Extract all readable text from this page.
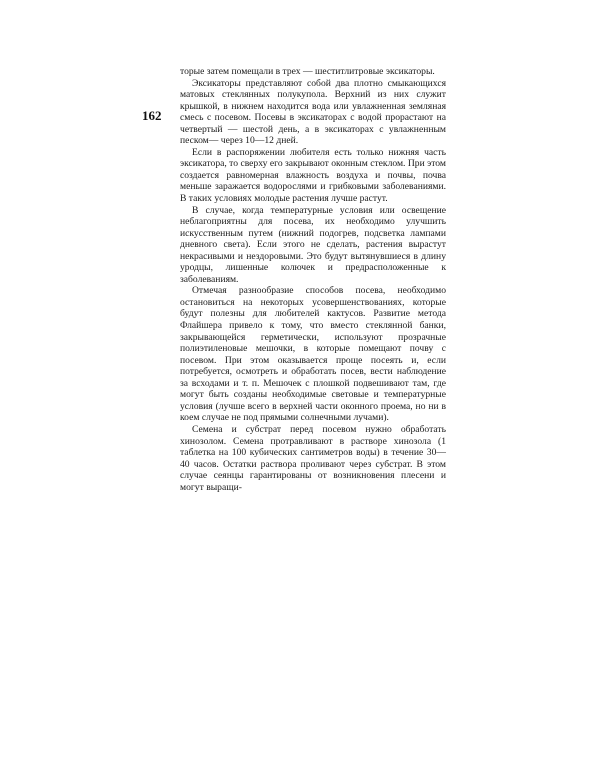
162

торые затем помещали в трех — шеститлитровые эксикаторы.

Эксикаторы представляют собой два плотно смыкающихся матовых стеклянных полукупола. Верхний из них служит крышкой, в нижнем находится вода или увлажненная земляная смесь с посевом. Посевы в эксикаторах с водой прорастают на четвертый — шестой день, а в эксикаторах с увлажненным песком— через 10—12 дней.

Если в распоряжении любителя есть только нижняя часть эксикатора, то сверху его закрывают оконным стеклом. При этом создается равномерная влажность воздуха и почвы, почва меньше заражается водорослями и грибковыми заболеваниями. В таких условиях молодые растения лучше растут.

В случае, когда температурные условия или освещение неблагоприятны для посева, их необходимо улучшить искусственным путем (нижний подогрев, подсветка лампами дневного света). Если этого не сделать, растения вырастут некрасивыми и нездоровыми. Это будут вытянувшиеся в длину уродцы, лишенные колючек и предрасположенные к заболеваниям.

Отмечая разнообразие способов посева, необходимо остановиться на некоторых усовершенствованиях, которые будут полезны для любителей кактусов. Развитие метода Флайшера привело к тому, что вместо стеклянной банки, закрывающейся герметически, используют прозрачные полиэтиленовые мешочки, в которые помещают почву с посевом. При этом оказывается проще посеять и, если потребуется, осмотреть и обработать посев, вести наблюдение за всходами и т. п. Мешочек с плошкой подвешивают там, где могут быть созданы необходимые световые и температурные условия (лучше всего в верхней части оконного проема, но ни в коем случае не под прямыми солнечными лучами).

Семена и субстрат перед посевом нужно обработать хинозолом. Семена протравливают в растворе хинозола (1 таблетка на 100 кубических сантиметров воды) в течение 30—40 часов. Остатки раствора проливают через субстрат. В этом случае сеянцы гарантированы от возникновения плесени и могут выращи-
